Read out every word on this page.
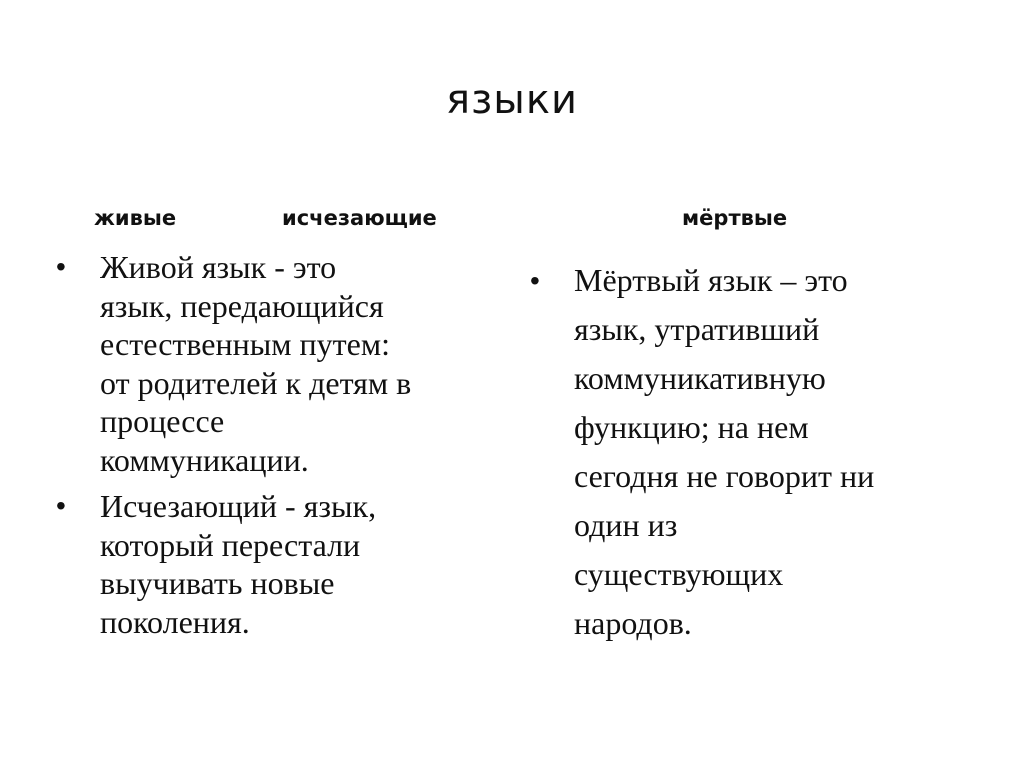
языки
живые	исчезающие	мёртвые
•	Живой язык - это
язык, передающийся
естественным путем:
от родителей к детям в
процессе
коммуникации.
•	Исчезающий - язык,
который перестали
выучивать новые
поколения.
•	Мёртвый язык – это
язык, утративший
коммуникативную
функцию; на нем
сегодня не говорит ни
один из
существующих
народов.
